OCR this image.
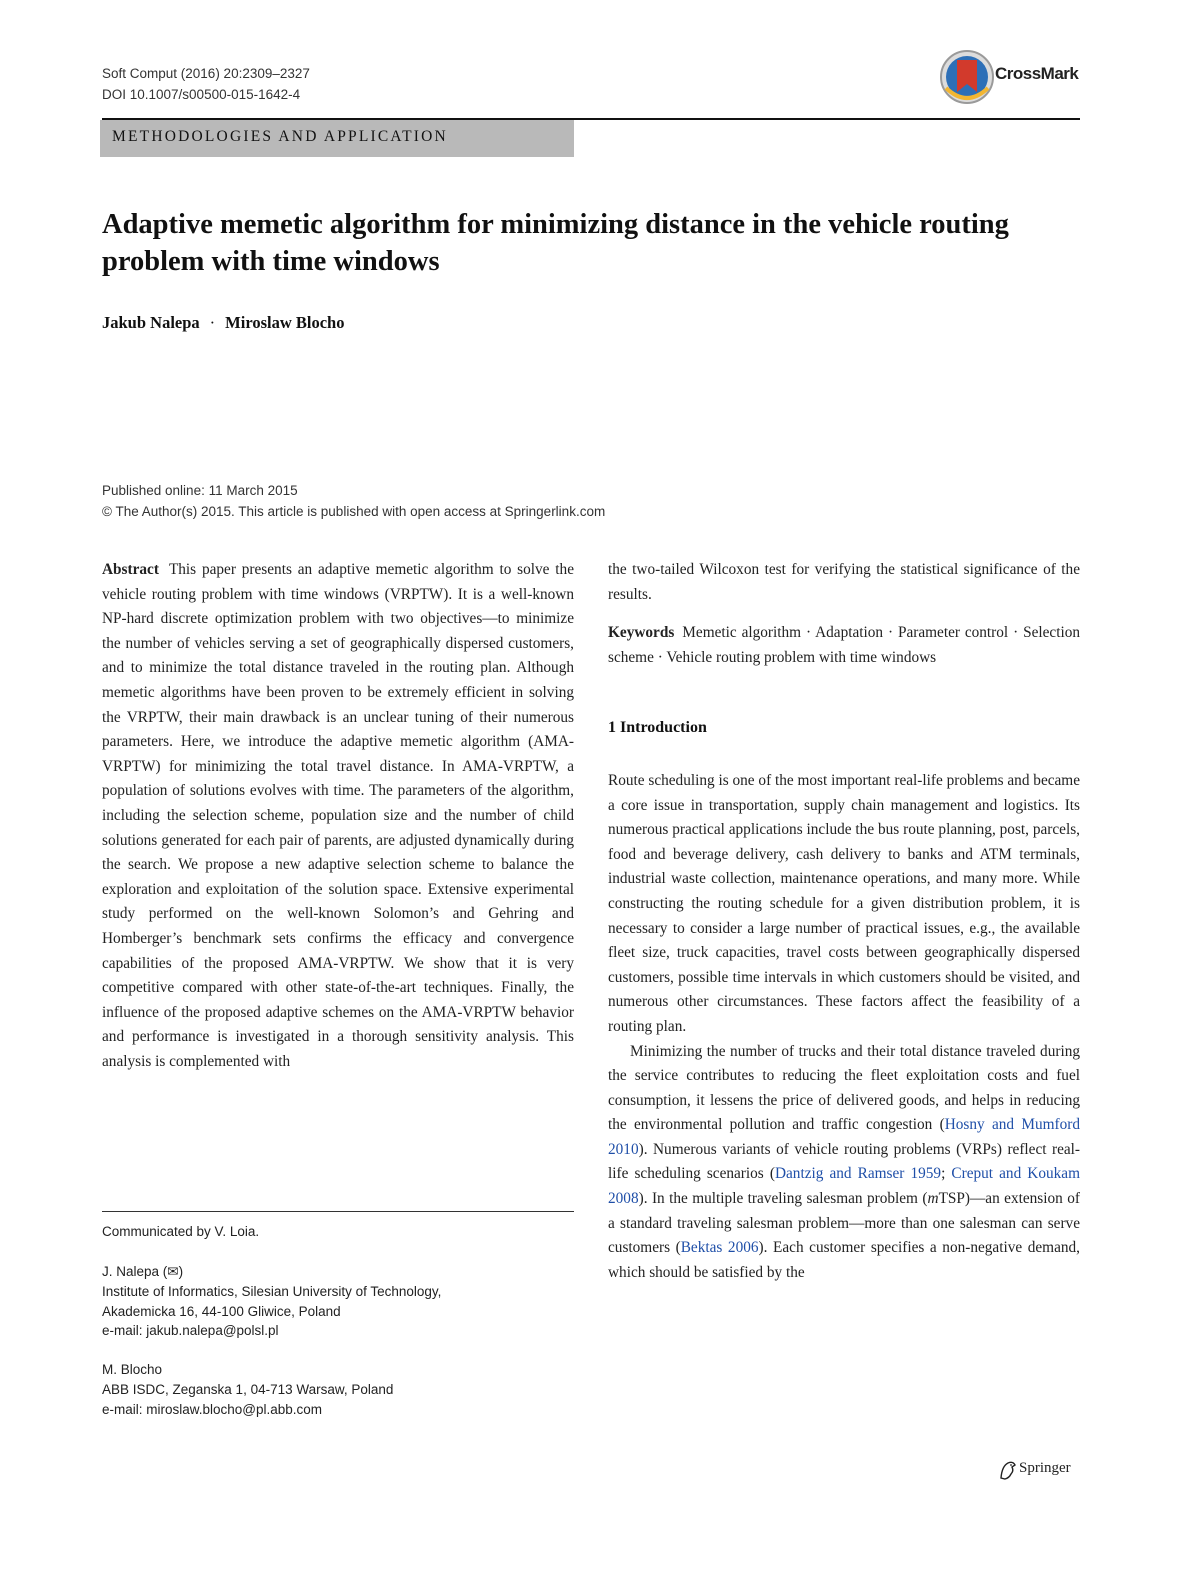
Soft Comput (2016) 20:2309–2327
DOI 10.1007/s00500-015-1642-4
CrossMark
METHODOLOGIES AND APPLICATION
Adaptive memetic algorithm for minimizing distance in the vehicle routing problem with time windows
Jakub Nalepa · Miroslaw Blocho
Published online: 11 March 2015
© The Author(s) 2015. This article is published with open access at Springerlink.com

Abstract This paper presents an adaptive memetic algorithm to solve the vehicle routing problem with time windows (VRPTW). It is a well-known NP-hard discrete optimization problem with two objectives—to minimize the number of vehicles serving a set of geographically dispersed customers, and to minimize the total distance traveled in the routing plan. Although memetic algorithms have been proven to be extremely efficient in solving the VRPTW, their main drawback is an unclear tuning of their numerous parameters. Here, we introduce the adaptive memetic algorithm (AMA-VRPTW) for minimizing the total travel distance. In AMA-VRPTW, a population of solutions evolves with time. The parameters of the algorithm, including the selection scheme, population size and the number of child solutions generated for each pair of parents, are adjusted dynamically during the search. We propose a new adaptive selection scheme to balance the exploration and exploitation of the solution space. Extensive experimental study performed on the well-known Solomon’s and Gehring and Homberger’s benchmark sets confirms the efficacy and convergence capabilities of the proposed AMA-VRPTW. We show that it is very competitive compared with other state-of-the-art techniques. Finally, the influence of the proposed adaptive schemes on the AMA-VRPTW behavior and performance is investigated in a thorough sensitivity analysis. This analysis is complemented with

the two-tailed Wilcoxon test for verifying the statistical significance of the results.

Keywords Memetic algorithm · Adaptation · Parameter control · Selection scheme · Vehicle routing problem with time windows

1 Introduction

Route scheduling is one of the most important real-life problems and became a core issue in transportation, supply chain management and logistics. Its numerous practical applications include the bus route planning, post, parcels, food and beverage delivery, cash delivery to banks and ATM terminals, industrial waste collection, maintenance operations, and many more. While constructing the routing schedule for a given distribution problem, it is necessary to consider a large number of practical issues, e.g., the available fleet size, truck capacities, travel costs between geographically dispersed customers, possible time intervals in which customers should be visited, and numerous other circumstances. These factors affect the feasibility of a routing plan.

Minimizing the number of trucks and their total distance traveled during the service contributes to reducing the fleet exploitation costs and fuel consumption, it lessens the price of delivered goods, and helps in reducing the environmental pollution and traffic congestion (Hosny and Mumford 2010). Numerous variants of vehicle routing problems (VRPs) reflect real-life scheduling scenarios (Dantzig and Ramser 1959; Creput and Koukam 2008). In the multiple traveling salesman problem (mTSP)—an extension of a standard traveling salesman problem—more than one salesman can serve customers (Bektas 2006). Each customer specifies a non-negative demand, which should be satisfied by the

Communicated by V. Loia.
J. Nalepa (✉)
Institute of Informatics, Silesian University of Technology,
Akademicka 16, 44-100 Gliwice, Poland
e-mail: jakub.nalepa@polsl.pl
M. Blocho
ABB ISDC, Zeganska 1, 04-713 Warsaw, Poland
e-mail: miroslaw.blocho@pl.abb.com
Springer
